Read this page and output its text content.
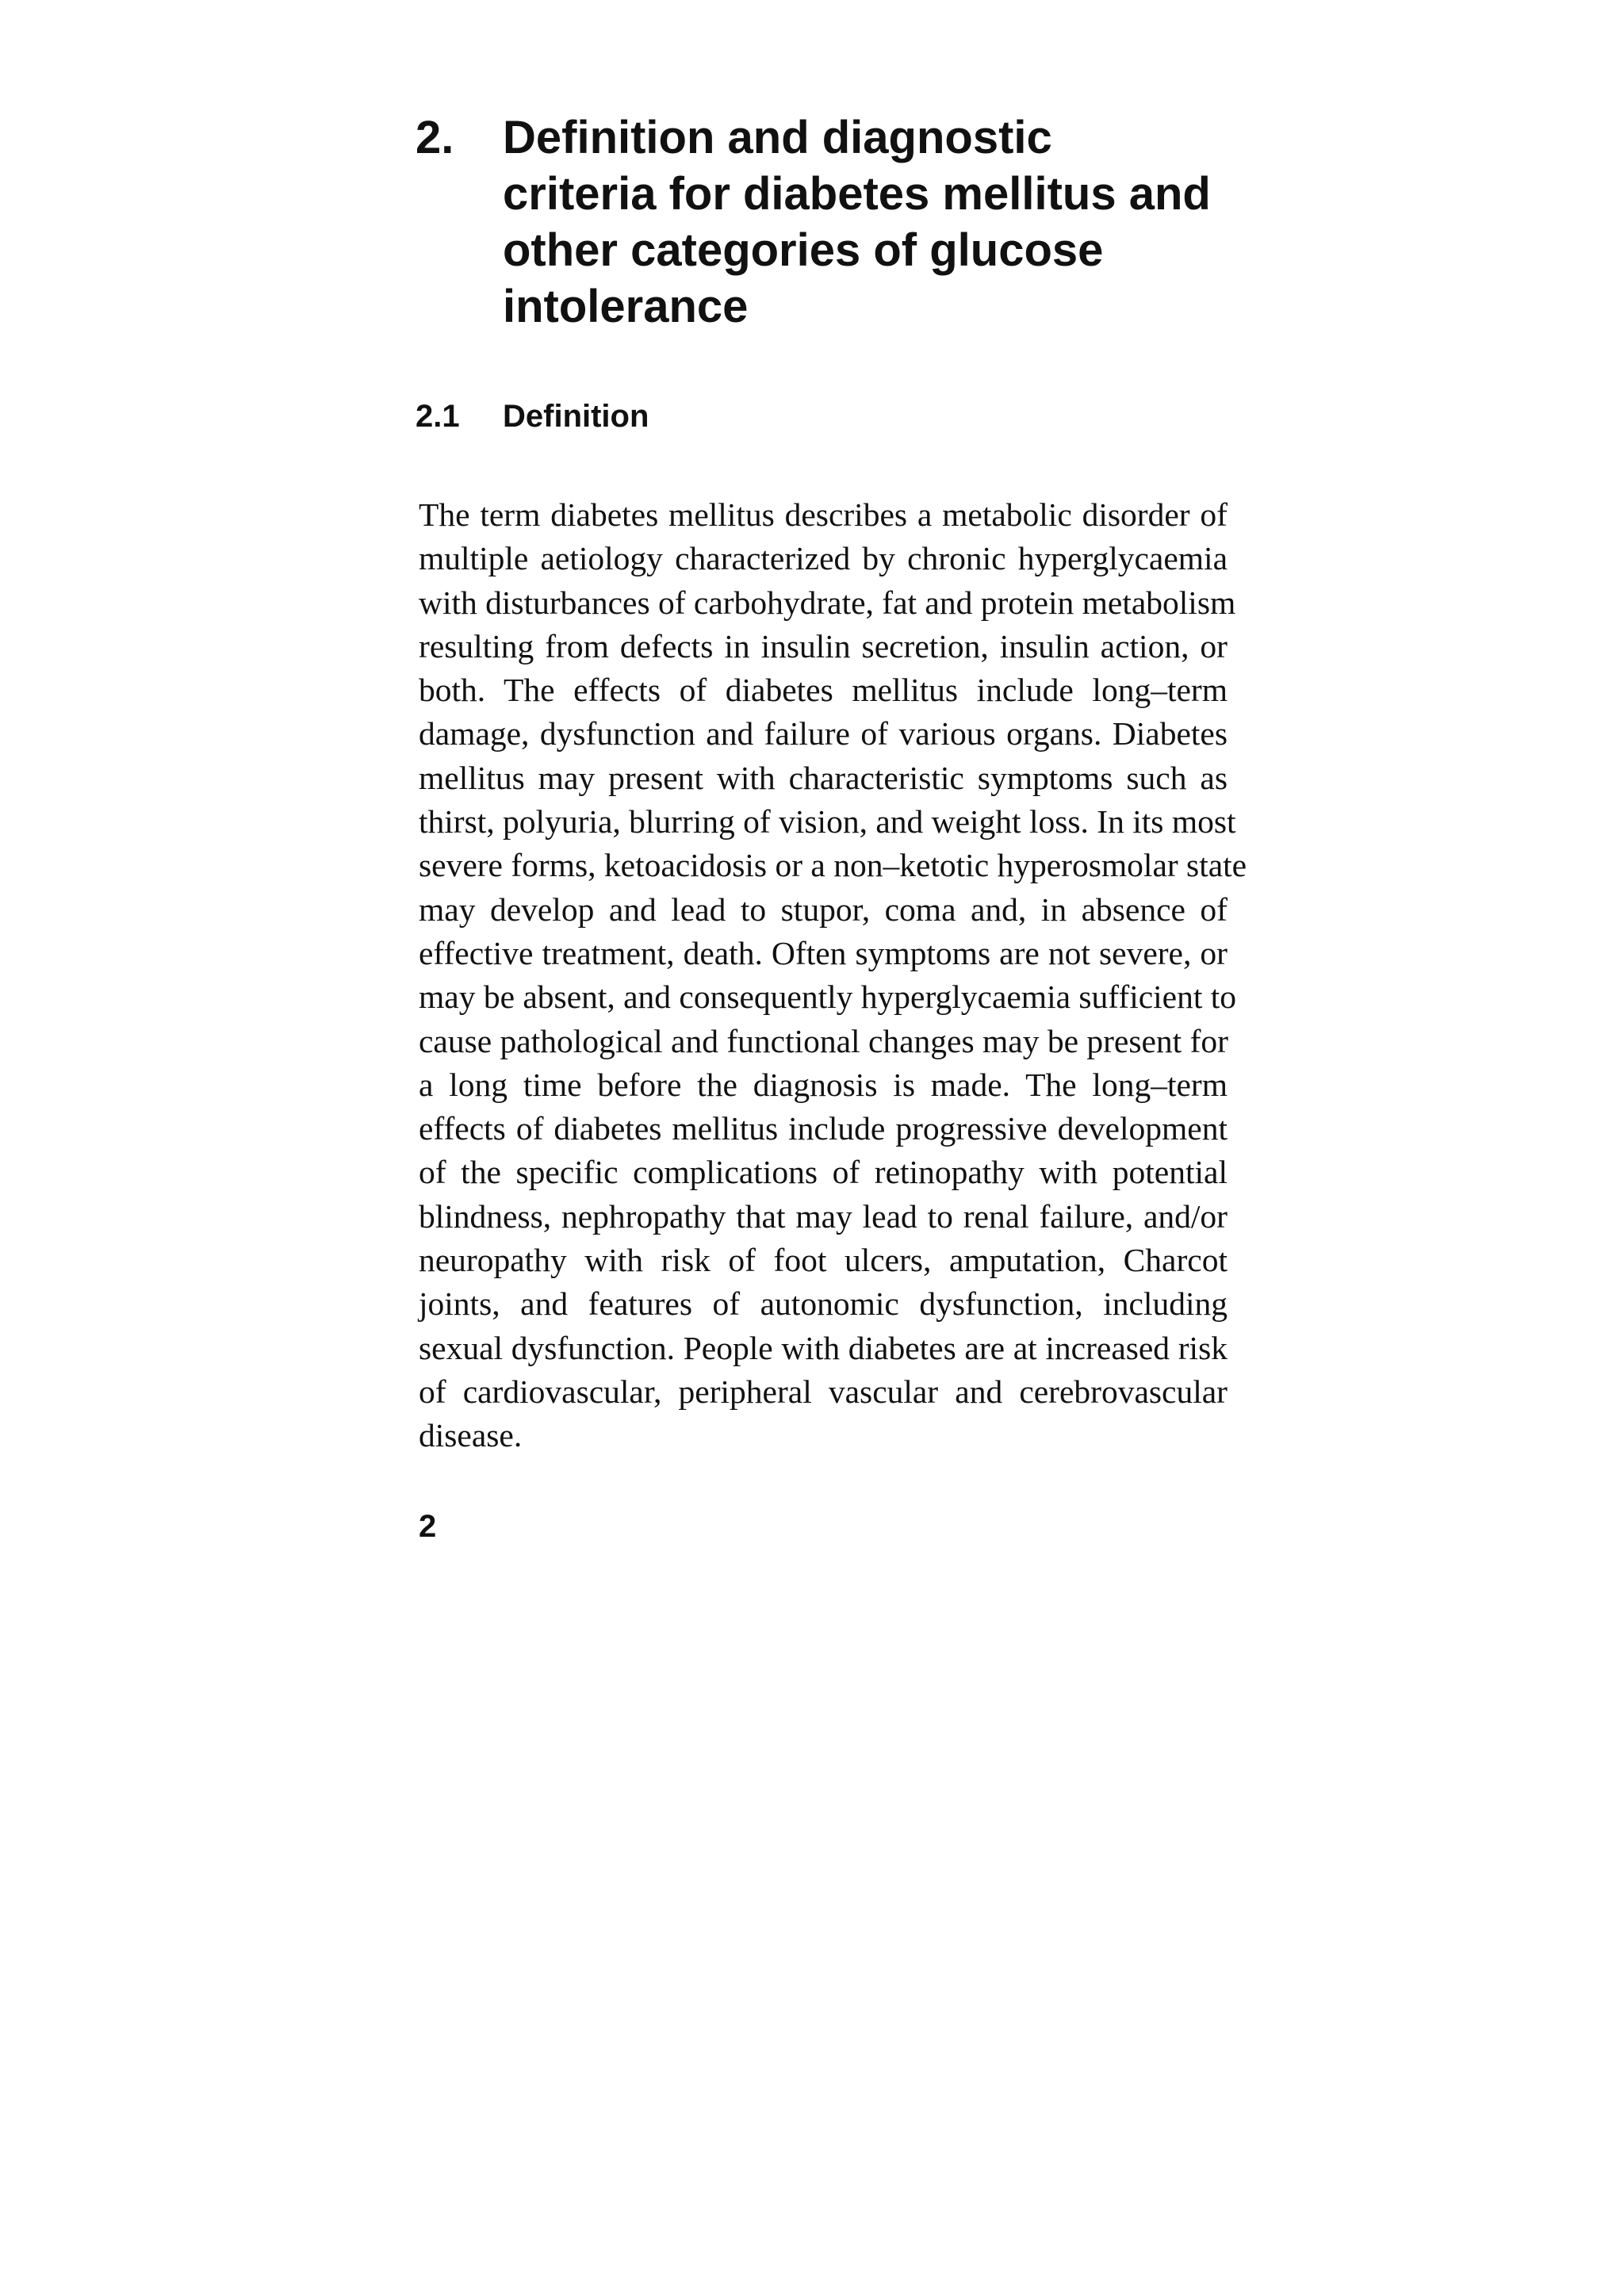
2.	Definition and diagnostic
criteria for diabetes mellitus and
other categories of glucose
intolerance
2.1	Definition
The term diabetes mellitus describes a metabolic disorder of
multiple aetiology characterized by chronic hyperglycaemia
with disturbances of carbohydrate, fat and protein metabolism
resulting from defects in insulin secretion, insulin action, or
both. The effects of diabetes mellitus include long–term
damage, dysfunction and failure of various organs. Diabetes
mellitus may present with characteristic symptoms such as
thirst, polyuria, blurring of vision, and weight loss. In its most
severe forms, ketoacidosis or a non–ketotic hyperosmolar state
may develop and lead to stupor, coma and, in absence of
effective treatment, death. Often symptoms are not severe, or
may be absent, and consequently hyperglycaemia sufficient to
cause pathological and functional changes may be present for
a long time before the diagnosis is made. The long–term
effects of diabetes mellitus include progressive development
of the specific complications of retinopathy with potential
blindness, nephropathy that may lead to renal failure, and/or
neuropathy with risk of foot ulcers, amputation, Charcot
joints, and features of autonomic dysfunction, including
sexual dysfunction. People with diabetes are at increased risk
of cardiovascular, peripheral vascular and cerebrovascular
disease.
2
